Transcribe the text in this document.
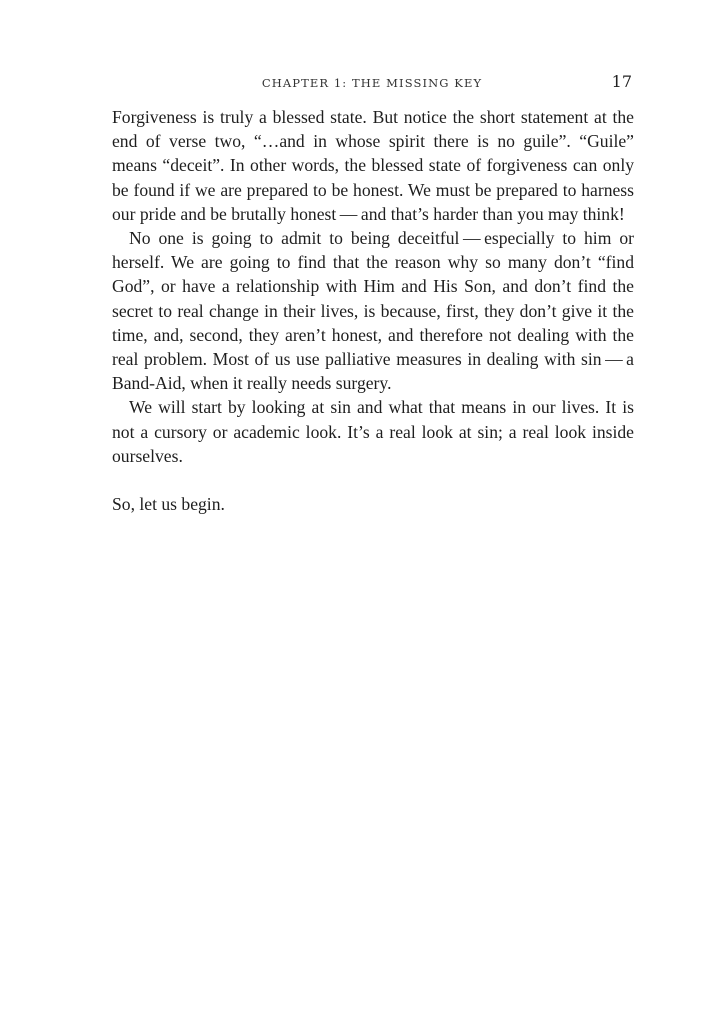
CHAPTER 1: THE MISSING KEY	17

Forgiveness is truly a blessed state. But notice the short statement at the end of verse two, “…and in whose spirit there is no guile”. “Guile” means “deceit”. In other words, the blessed state of forgiveness can only be found if we are prepared to be honest. We must be prepared to harness our pride and be brutally honest — and that’s harder than you may think!

No one is going to admit to being deceitful — especially to him or herself. We are going to find that the reason why so many don’t “find God”, or have a relationship with Him and His Son, and don’t find the secret to real change in their lives, is because, first, they don’t give it the time, and, second, they aren’t honest, and therefore not dealing with the real problem. Most of us use palliative measures in dealing with sin — a Band-Aid, when it really needs surgery.

We will start by looking at sin and what that means in our lives. It is not a cursory or academic look. It’s a real look at sin; a real look inside ourselves.

So, let us begin.
